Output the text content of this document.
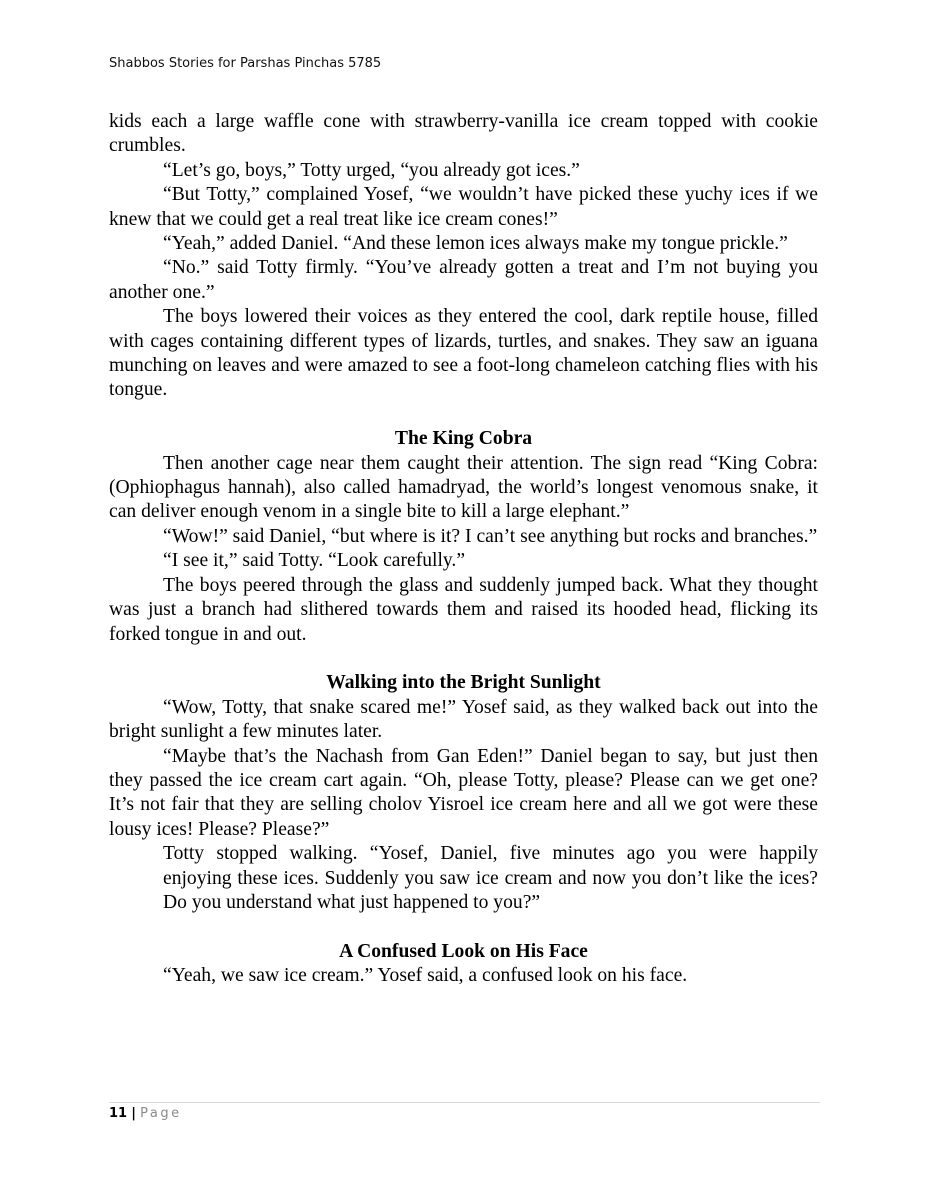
Shabbos Stories for Parshas Pinchas 5785

kids each a large waffle cone with strawberry-vanilla ice cream topped with cookie crumbles.

“Let’s go, boys,” Totty urged, “you already got ices.”

“But Totty,” complained Yosef, “we wouldn’t have picked these yuchy ices if we knew that we could get a real treat like ice cream cones!”

“Yeah,” added Daniel. “And these lemon ices always make my tongue prickle.”

“No.” said Totty firmly. “You’ve already gotten a treat and I’m not buying you another one.”

The boys lowered their voices as they entered the cool, dark reptile house, filled with cages containing different types of lizards, turtles, and snakes. They saw an iguana munching on leaves and were amazed to see a foot-long chameleon catching flies with his tongue.

The King Cobra

Then another cage near them caught their attention. The sign read “King Cobra: (Ophiophagus hannah), also called hamadryad, the world’s longest venomous snake, it can deliver enough venom in a single bite to kill a large elephant.”

“Wow!” said Daniel, “but where is it? I can’t see anything but rocks and branches.”

“I see it,” said Totty. “Look carefully.”

The boys peered through the glass and suddenly jumped back. What they thought was just a branch had slithered towards them and raised its hooded head, flicking its forked tongue in and out.

Walking into the Bright Sunlight

“Wow, Totty, that snake scared me!” Yosef said, as they walked back out into the bright sunlight a few minutes later.

“Maybe that’s the Nachash from Gan Eden!” Daniel began to say, but just then they passed the ice cream cart again. “Oh, please Totty, please? Please can we get one? It’s not fair that they are selling cholov Yisroel ice cream here and all we got were these lousy ices! Please? Please?”

Totty stopped walking. “Yosef, Daniel, five minutes ago you were happily enjoying these ices. Suddenly you saw ice cream and now you don’t like the ices? Do you understand what just happened to you?”

A Confused Look on His Face

“Yeah, we saw ice cream.” Yosef said, a confused look on his face.

11 | Page
